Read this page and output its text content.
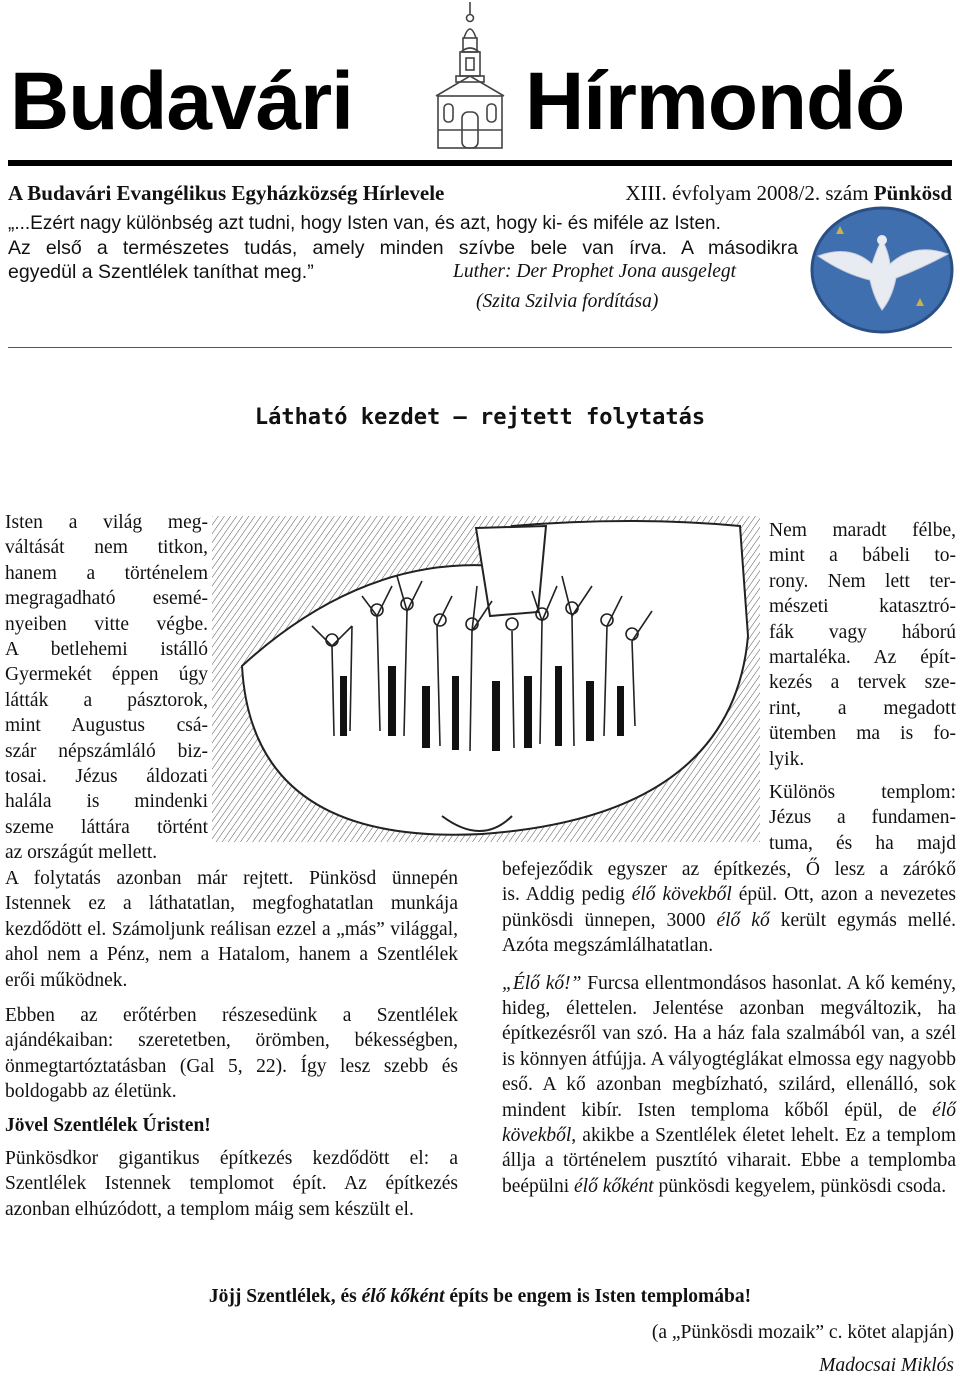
Budavári Hírmondó
A Budavári Evangélikus Egyházközség Hírlevele	XIII. évfolyam 2008/2. szám Pünkösd
„...Ezért nagy különbség azt tudni, hogy Isten van, és azt, hogy ki- és miféle az Isten.
Az első a természetes tudás, amely minden szívbe bele van írva. A másodikra
egyedül a Szentlélek taníthat meg.”	Luther: Der Prophet Jona ausgelegt
(Szita Szilvia fordítása)
Látható kezdet – rejtett folytatás
Isten a világ meg-
váltását nem titkon,
hanem a történelem
megragadható esemé-
nyeiben vitte végbe.
A betlehemi istálló
Gyermekét éppen úgy
látták a pásztorok,
mint Augustus csá-
szár népszámláló biz-
tosai. Jézus áldozati
halála is mindenki
szeme láttára történt
az országút mellett.

A folytatás azonban már rejtett. Pünkösd ünnepén Istennek ez a láthatatlan, megfoghatatlan munkája kezdődött el. Számoljunk reálisan ezzel a „más” világgal, ahol nem a Pénz, nem a Hatalom, hanem a Szentlélek erői működnek.

Ebben az erőtérben részesedünk a Szentlélek ajándékaiban: szeretetben, örömben, békességben, önmegtartóztatásban (Gal 5, 22). Így lesz szebb és boldogabb az életünk.

Jövel Szentlélek Úristen!

Pünkösdkor gigantikus építkezés kezdődött el: a Szentlélek Istennek templomot épít. Az építkezés azonban elhúzódott, a templom máig sem készült el.

Nem maradt félbe,
mint a bábeli to-
rony. Nem lett ter-
mészeti katasztró-
fák vagy háború
martaléka. Az épít-
kezés a tervek sze-
rint, a megadott
ütemben ma is fo-
lyik.
Különös templom:
Jézus a fundamen-
tuma, és ha majd
befejeződik egyszer az építkezés, Ő lesz a zárókő

is. Addig pedig élő kövekből épül. Ott, azon a nevezetes pünkösdi ünnepen, 3000 élő kő került egymás mellé. Azóta megszámlálhatatlan.

„Élő kő!” Furcsa ellentmondásos hasonlat. A kő kemény, hideg, élettelen. Jelentése azonban megváltozik, ha építkezésről van szó. Ha a ház fala szalmából van, a szél is könnyen átfújja. A vályogtéglákat elmossa egy nagyobb eső. A kő azonban megbízható, szilárd, ellenálló, sok mindent kibír. Isten temploma kőből épül, de élő kövekből, akikbe a Szentlélek életet lehelt. Ez a templom állja a történelem pusztító viharait. Ebbe a templomba beépülni élő kőként pünkösdi kegyelem, pünkösdi csoda.

Jöjj Szentlélek, és élő kőként építs be engem is Isten templomába!
(a „Pünkösdi mozaik” c. kötet alapján)
Madocsai Miklós
